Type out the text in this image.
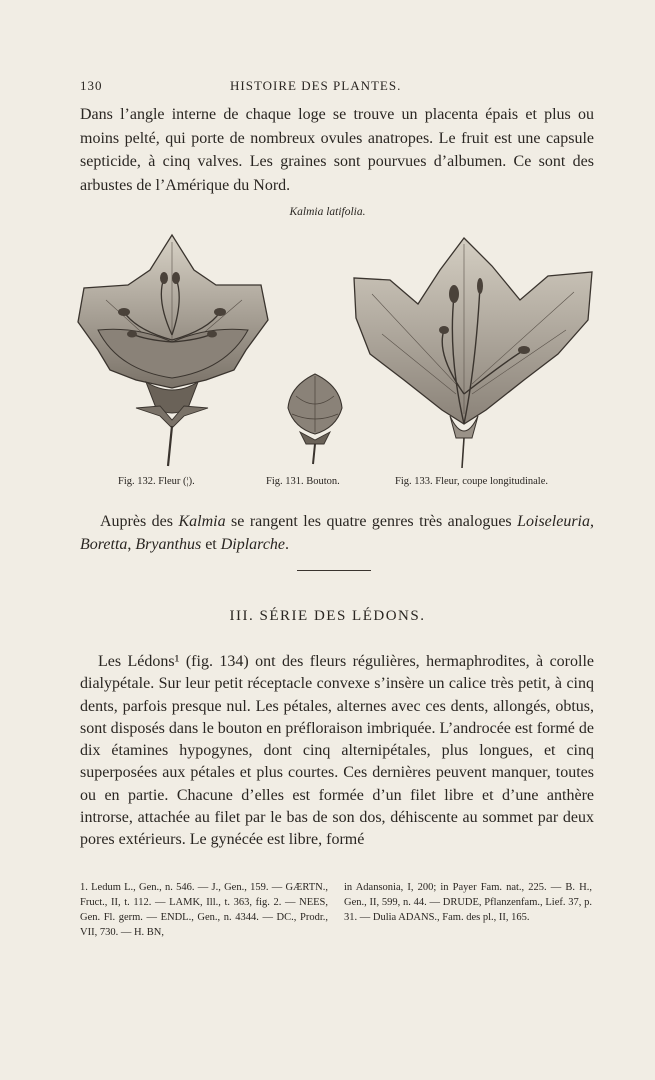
130	HISTOIRE DES PLANTES.

Dans l’angle interne de chaque loge se trouve un placenta épais et plus ou moins pelté, qui porte de nombreux ovules anatropes. Le fruit est une capsule septicide, à cinq valves. Les graines sont pourvues d’albumen. Ce sont des arbustes de l’Amérique du Nord.

Kalmia latifolia.
Fig. 132. Fleur (¦).	Fig. 131. Bouton.	Fig. 133. Fleur, coupe longitudinale.

Auprès des Kalmia se rangent les quatre genres très analogues Loiseleuria, Boretta, Bryanthus et Diplarche.

III. SÉRIE DES LÉDONS.

Les Lédons¹ (fig. 134) ont des fleurs régulières, hermaphrodites, à corolle dialypétale. Sur leur petit réceptacle convexe s’insère un calice très petit, à cinq dents, parfois presque nul. Les pétales, alternes avec ces dents, allongés, obtus, sont disposés dans le bouton en préfloraison imbriquée. L’androcée est formé de dix étamines hypogynes, dont cinq alternipétales, plus longues, et cinq superposées aux pétales et plus courtes. Ces dernières peuvent manquer, toutes ou en partie. Chacune d’elles est formée d’un filet libre et d’une anthère introrse, attachée au filet par le bas de son dos, déhiscente au sommet par deux pores extérieurs. Le gynécée est libre, formé

1. Ledum L., Gen., n. 546. — J., Gen., 159. — GÆRTN., Fruct., II, t. 112. — LAMK, Ill., t. 363, fig. 2. — NEES, Gen. Fl. germ. — ENDL., Gen., n. 4344. — DC., Prodr., VII, 730. — H. BN,

in Adansonia, I, 200; in Payer Fam. nat., 225. — B. H., Gen., II, 599, n. 44. — DRUDE, Pflanzenfam., Lief. 37, p. 31. — Dulia ADANS., Fam. des pl., II, 165.
